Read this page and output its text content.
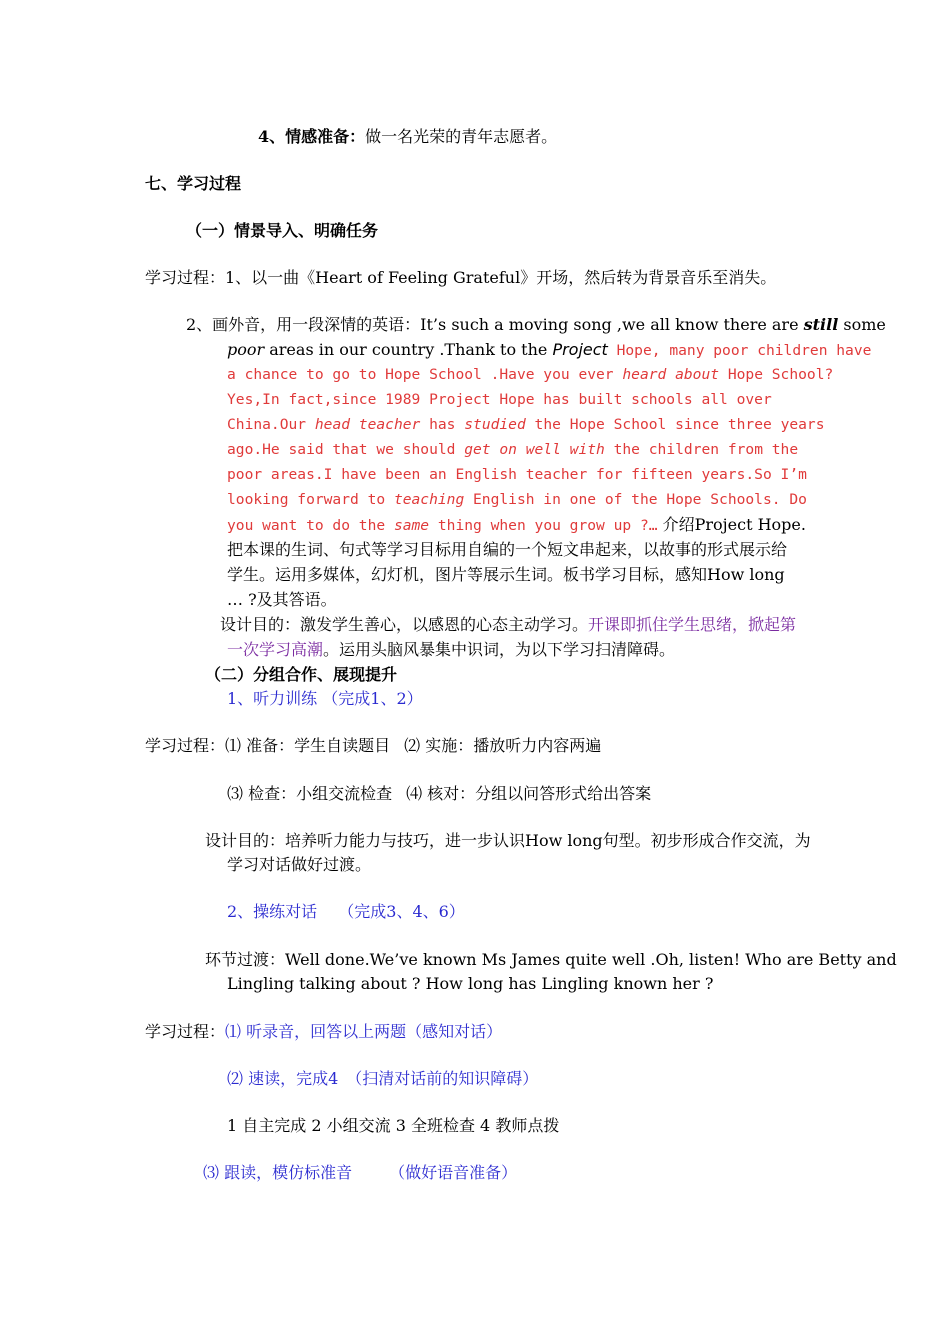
4、情感准备：做一名光荣的青年志愿者。
七、学习过程
（一）情景导入、明确任务
学习过程：1、以一曲《Heart of Feeling Grateful》开场，然后转为背景音乐至消失。
2、画外音，用一段深情的英语：It’s such a moving song ,we all know there are still some
poor areas in our country .Thank to the Project Hope, many poor children have
a chance to go to Hope School .Have you ever heard about Hope School?
Yes,In fact,since 1989 Project Hope has built schools all over
China.Our head teacher has studied the Hope School since three years
ago.He said that we should get on well with the children from the
poor areas.I have been an English teacher for fifteen years.So I’m
looking forward to teaching English in one of the Hope Schools. Do
you want to do the same thing when you grow up ?… 介绍Project Hope.
把本课的生词、句式等学习目标用自编的一个短文串起来，以故事的形式展示给
学生。运用多媒体，幻灯机，图片等展示生词。板书学习目标，感知How long
… ?及其答语。
设计目的：激发学生善心，以感恩的心态主动学习。开课即抓住学生思绪，掀起第
一次学习高潮。运用头脑风暴集中识词，为以下学习扫清障碍。
（二）分组合作、展现提升
1、听力训练 （完成1、2）
学习过程：⑴ 准备：学生自读题目 ⑵ 实施：播放听力内容两遍
⑶ 检查：小组交流检查 ⑷ 核对：分组以问答形式给出答案
设计目的：培养听力能力与技巧，进一步认识How long句型。初步形成合作交流，为
学习对话做好过渡。
2、操练对话　 （完成3、4、6）
环节过渡：Well done.We’ve known Ms James quite well .Oh, listen! Who are Betty and
Lingling talking about ? How long has Lingling known her ?
学习过程：⑴ 听录音，回答以上两题（感知对话）
⑵ 速读，完成4　（扫清对话前的知识障碍）
1 自主完成 2 小组交流 3 全班检查 4 教师点拨
⑶ 跟读，模仿标准音　　 （做好语音准备）
